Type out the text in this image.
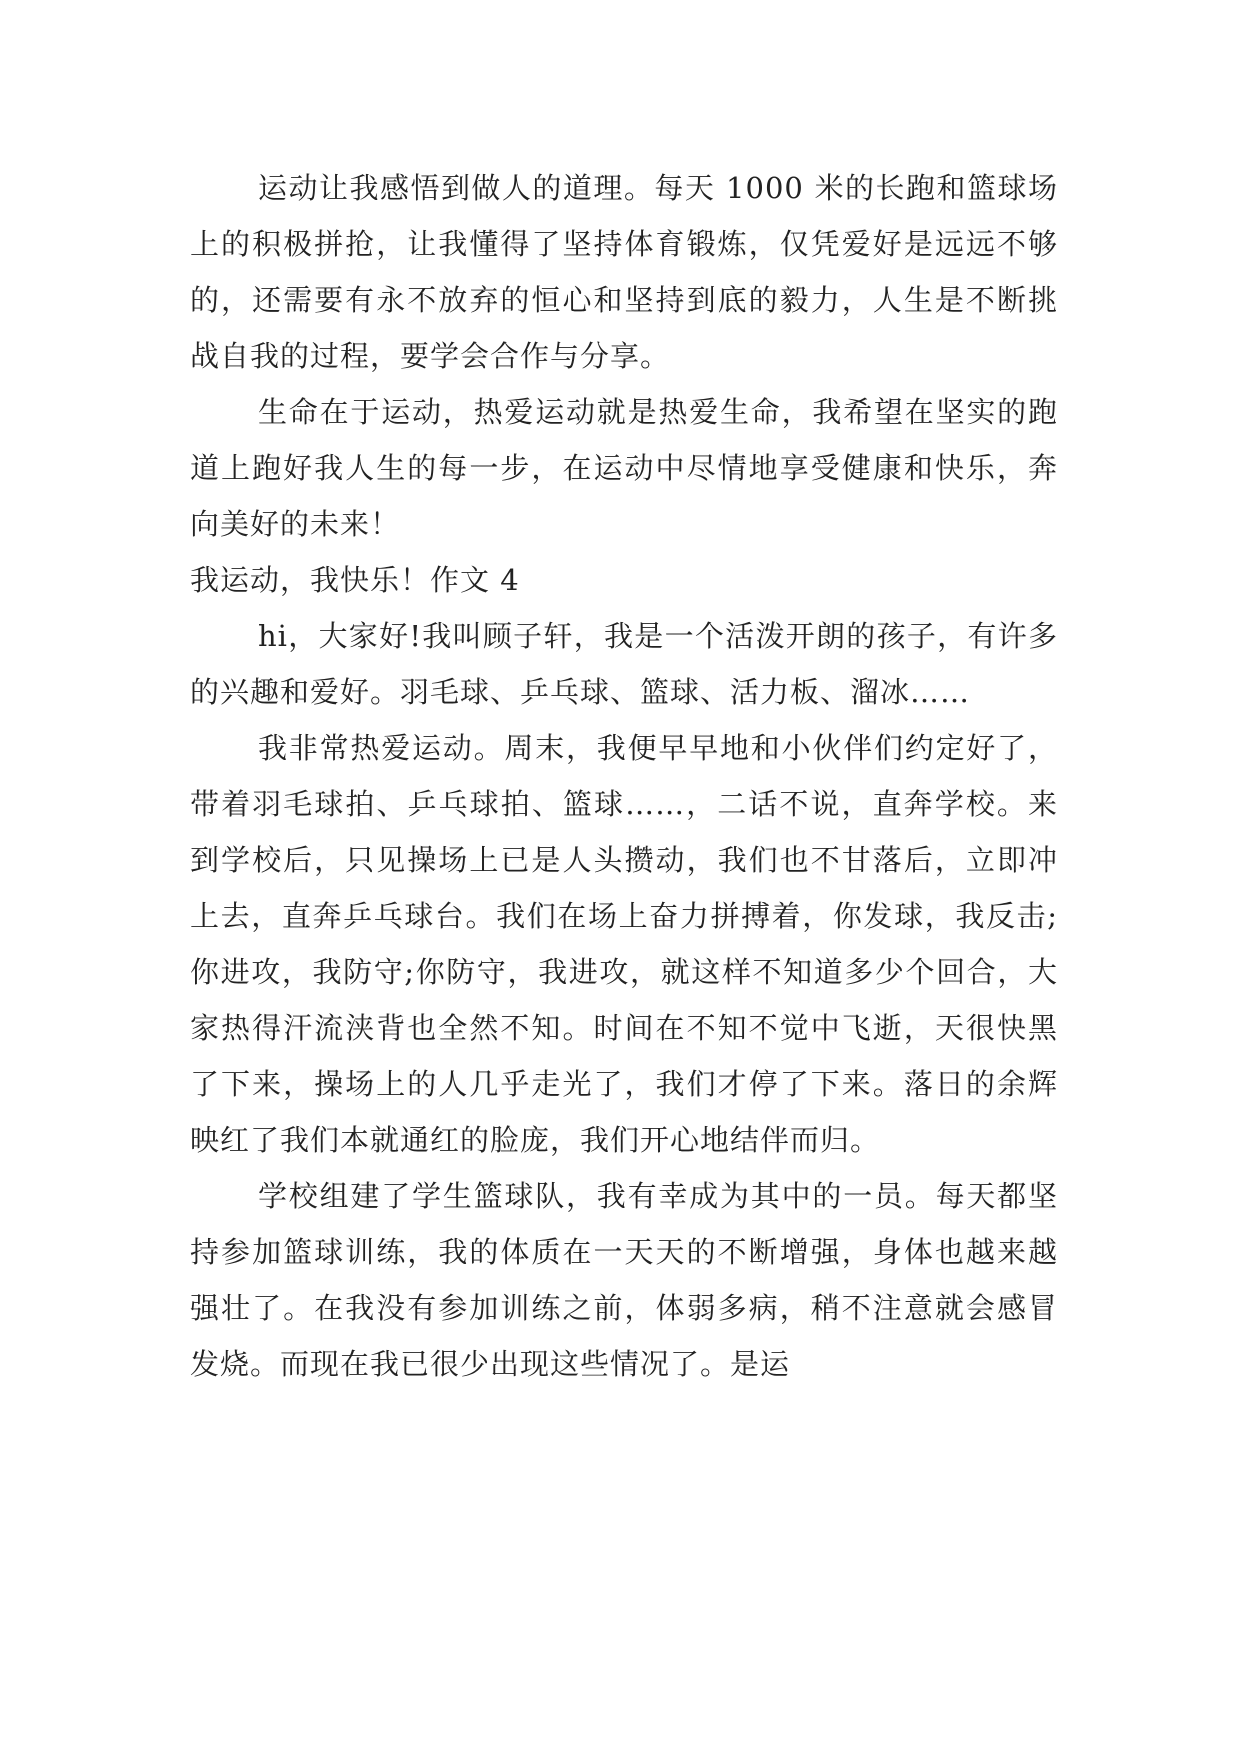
运动让我感悟到做人的道理。每天 1000 米的长跑和篮球场上的积极拼抢，让我懂得了坚持体育锻炼，仅凭爱好是远远不够的，还需要有永不放弃的恒心和坚持到底的毅力，人生是不断挑战自我的过程，要学会合作与分享。

生命在于运动，热爱运动就是热爱生命，我希望在坚实的跑道上跑好我人生的每一步，在运动中尽情地享受健康和快乐，奔向美好的未来！

我运动，我快乐！作文 4

hi，大家好!我叫顾子轩，我是一个活泼开朗的孩子，有许多的兴趣和爱好。羽毛球、乒乓球、篮球、活力板、溜冰……

我非常热爱运动。周末，我便早早地和小伙伴们约定好了，带着羽毛球拍、乒乓球拍、篮球……，二话不说，直奔学校。来到学校后，只见操场上已是人头攒动，我们也不甘落后，立即冲上去，直奔乒乓球台。我们在场上奋力拼搏着，你发球，我反击;你进攻，我防守;你防守，我进攻，就这样不知道多少个回合，大家热得汗流浃背也全然不知。时间在不知不觉中飞逝，天很快黑了下来，操场上的人几乎走光了，我们才停了下来。落日的余辉映红了我们本就通红的脸庞，我们开心地结伴而归。

学校组建了学生篮球队，我有幸成为其中的一员。每天都坚持参加篮球训练，我的体质在一天天的不断增强，身体也越来越强壮了。在我没有参加训练之前，体弱多病，稍不注意就会感冒发烧。而现在我已很少出现这些情况了。是运
